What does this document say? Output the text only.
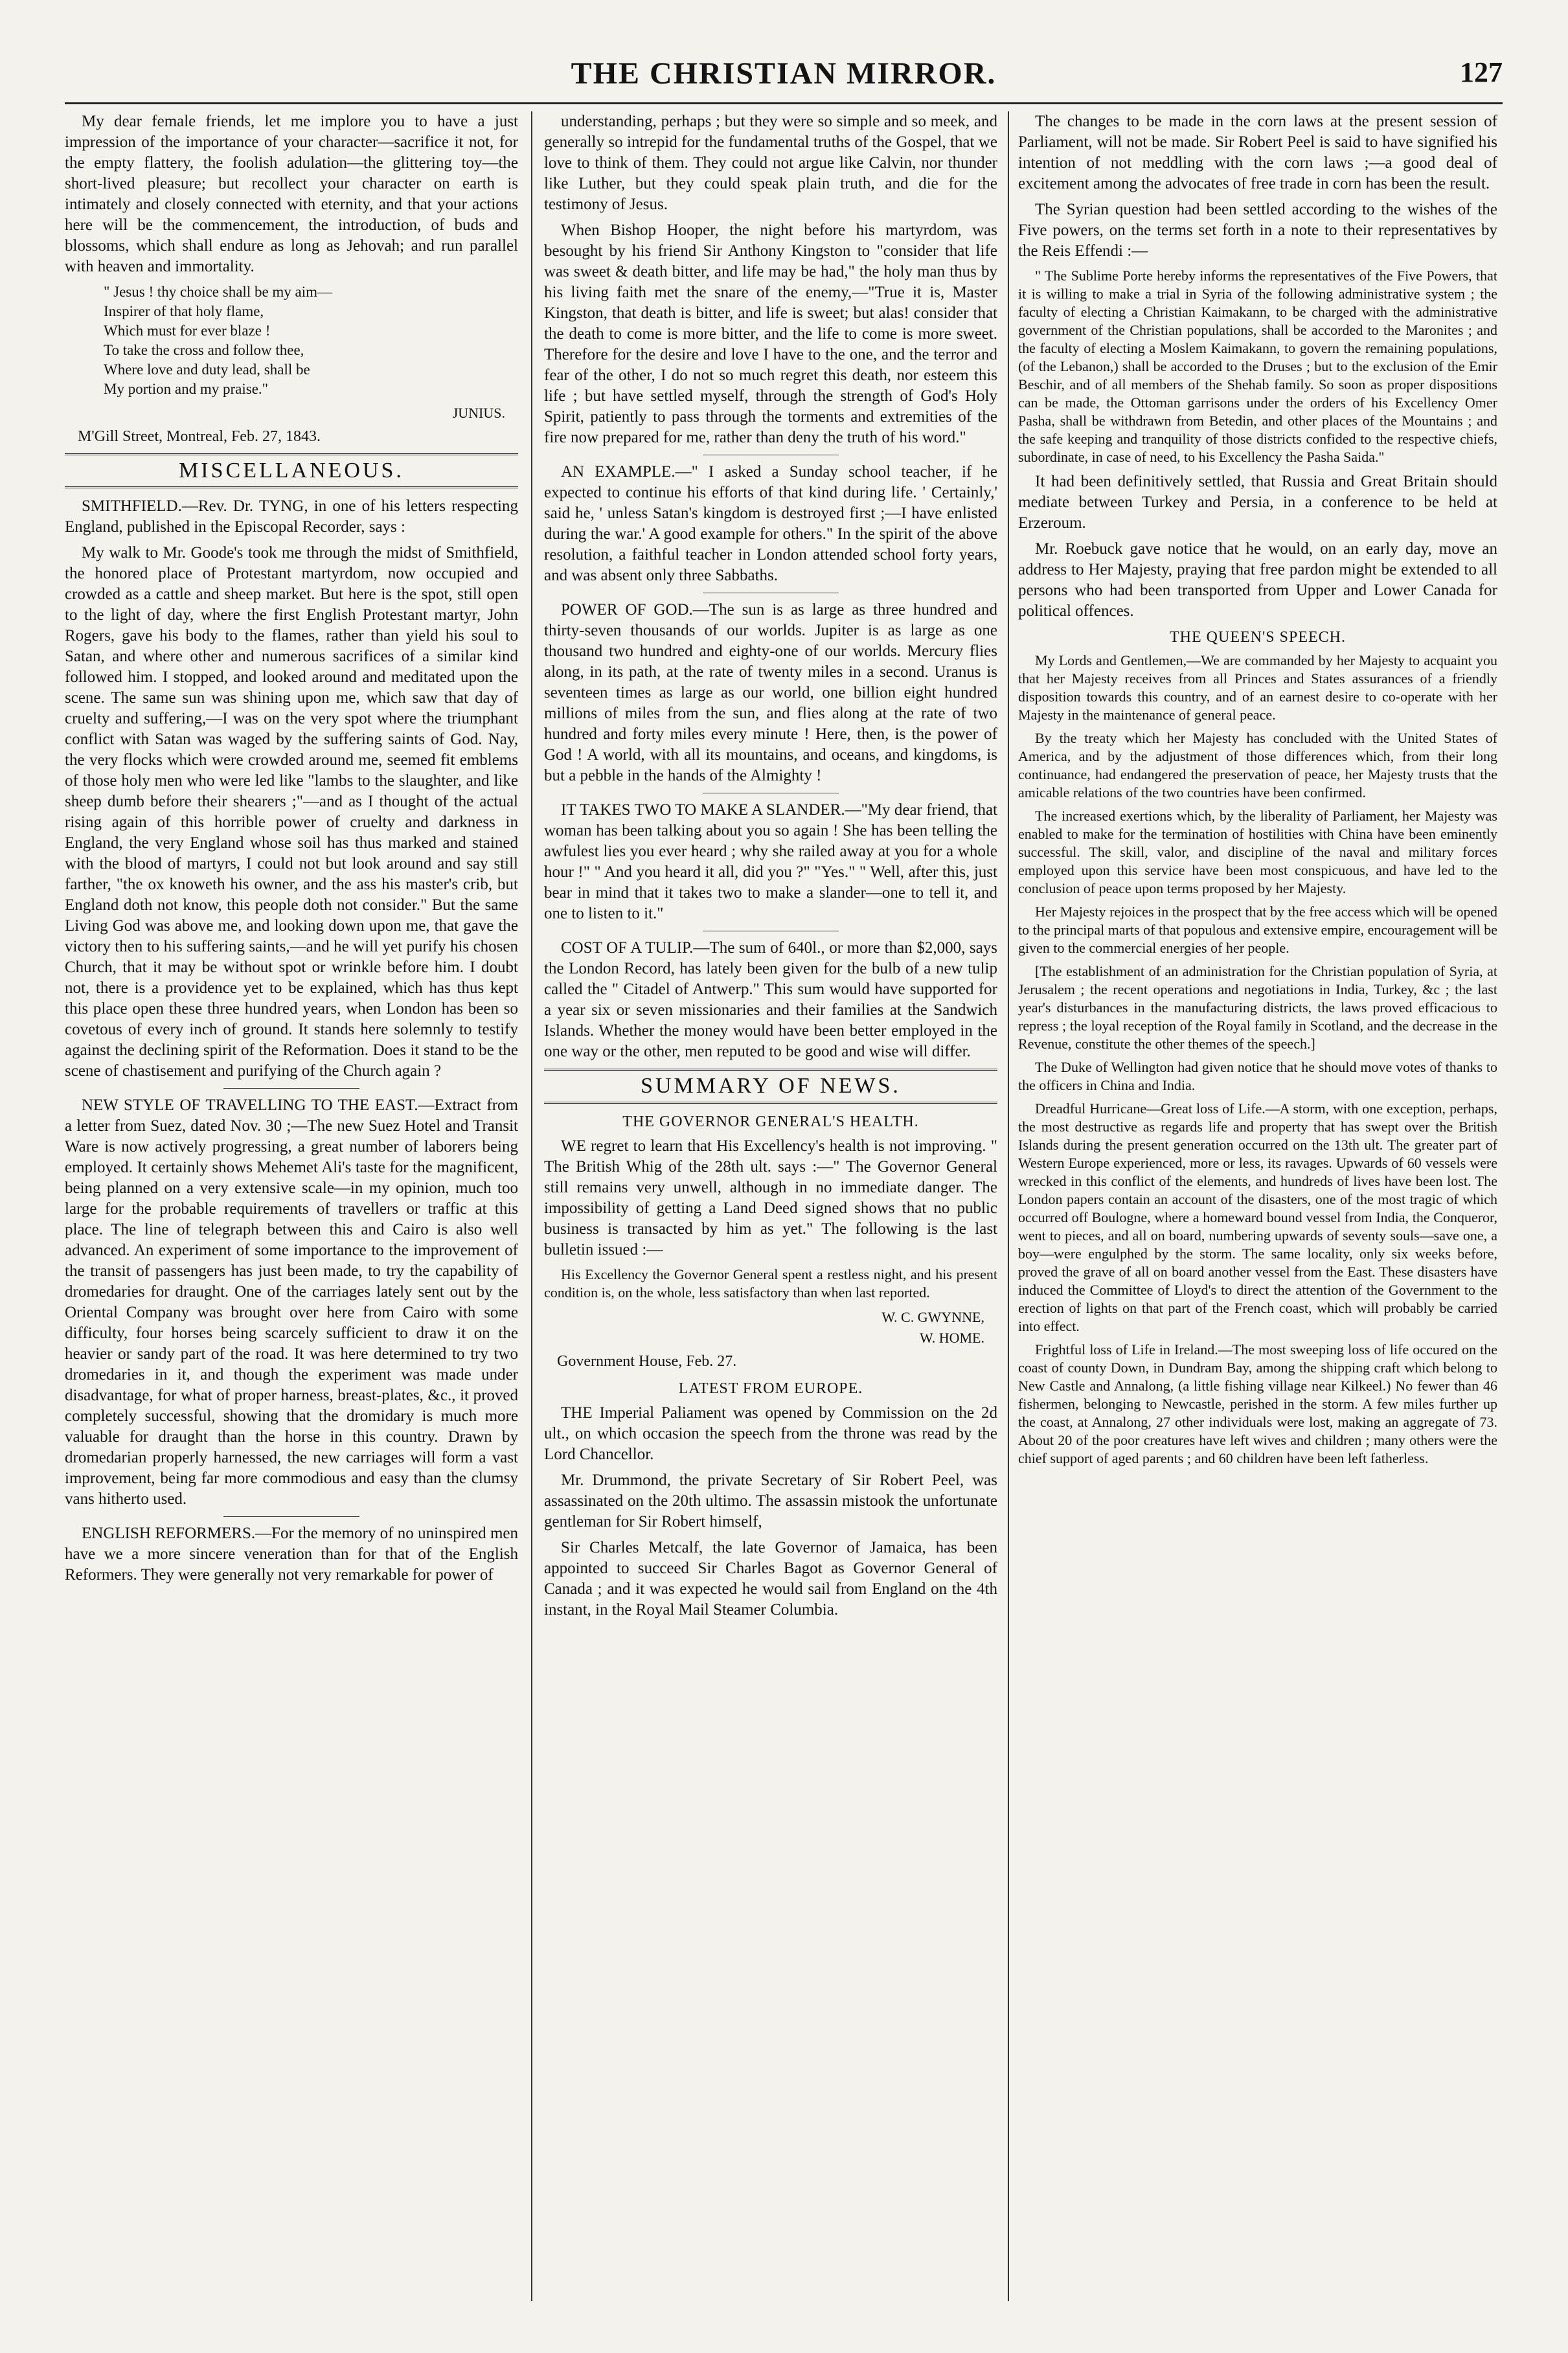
THE CHRISTIAN MIRROR.	127

My dear female friends, let me implore you to have a just impression of the importance of your character—sacrifice it not, for the empty flattery, the foolish adulation—the glittering toy—the short-lived pleasure; but recollect your character on earth is intimately and closely connected with eternity, and that your actions here will be the commencement, the introduction, of buds and blossoms, which shall endure as long as Jehovah; and run parallel with heaven and immortality.

" Jesus ! thy choice shall be my aim—
Inspirer of that holy flame,
Which must for ever blaze !
To take the cross and follow thee,
Where love and duty lead, shall be
My portion and my praise."
JUNIUS.
M'Gill Street, Montreal, Feb. 27, 1843.
MISCELLANEOUS.

SMITHFIELD.—Rev. Dr. TYNG, in one of his letters respecting England, published in the Episcopal Recorder, says :

My walk to Mr. Goode's took me through the midst of Smithfield, the honored place of Protestant martyrdom, now occupied and crowded as a cattle and sheep market. But here is the spot, still open to the light of day, where the first English Protestant martyr, John Rogers, gave his body to the flames, rather than yield his soul to Satan, and where other and numerous sacrifices of a similar kind followed him. I stopped, and looked around and meditated upon the scene. The same sun was shining upon me, which saw that day of cruelty and suffering,—I was on the very spot where the triumphant conflict with Satan was waged by the suffering saints of God. Nay, the very flocks which were crowded around me, seemed fit emblems of those holy men who were led like "lambs to the slaughter, and like sheep dumb before their shearers ;"—and as I thought of the actual rising again of this horrible power of cruelty and darkness in England, the very England whose soil has thus marked and stained with the blood of martyrs, I could not but look around and say still farther, "the ox knoweth his owner, and the ass his master's crib, but England doth not know, this people doth not consider." But the same Living God was above me, and looking down upon me, that gave the victory then to his suffering saints,—and he will yet purify his chosen Church, that it may be without spot or wrinkle before him. I doubt not, there is a providence yet to be explained, which has thus kept this place open these three hundred years, when London has been so covetous of every inch of ground. It stands here solemnly to testify against the declining spirit of the Reformation. Does it stand to be the scene of chastisement and purifying of the Church again ?

NEW STYLE OF TRAVELLING TO THE EAST.—Extract from a letter from Suez, dated Nov. 30 ;—The new Suez Hotel and Transit Ware is now actively progressing, a great number of laborers being employed. It certainly shows Mehemet Ali's taste for the magnificent, being planned on a very extensive scale—in my opinion, much too large for the probable requirements of travellers or traffic at this place. The line of telegraph between this and Cairo is also well advanced. An experiment of some importance to the improvement of the transit of passengers has just been made, to try the capability of dromedaries for draught. One of the carriages lately sent out by the Oriental Company was brought over here from Cairo with some difficulty, four horses being scarcely sufficient to draw it on the heavier or sandy part of the road. It was here determined to try two dromedaries in it, and though the experiment was made under disadvantage, for what of proper harness, breast-plates, &c., it proved completely successful, showing that the dromidary is much more valuable for draught than the horse in this country. Drawn by dromedarian properly harnessed, the new carriages will form a vast improvement, being far more commodious and easy than the clumsy vans hitherto used.

ENGLISH REFORMERS.—For the memory of no uninspired men have we a more sincere veneration than for that of the English Reformers. They were generally not very remarkable for power of

understanding, perhaps ; but they were so simple and so meek, and generally so intrepid for the fundamental truths of the Gospel, that we love to think of them. They could not argue like Calvin, nor thunder like Luther, but they could speak plain truth, and die for the testimony of Jesus.

When Bishop Hooper, the night before his martyrdom, was besought by his friend Sir Anthony Kingston to "consider that life was sweet & death bitter, and life may be had," the holy man thus by his living faith met the snare of the enemy,—"True it is, Master Kingston, that death is bitter, and life is sweet; but alas! consider that the death to come is more bitter, and the life to come is more sweet. Therefore for the desire and love I have to the one, and the terror and fear of the other, I do not so much regret this death, nor esteem this life ; but have settled myself, through the strength of God's Holy Spirit, patiently to pass through the torments and extremities of the fire now prepared for me, rather than deny the truth of his word."

AN EXAMPLE.—" I asked a Sunday school teacher, if he expected to continue his efforts of that kind during life. ' Certainly,' said he, ' unless Satan's kingdom is destroyed first ;—I have enlisted during the war.' A good example for others." In the spirit of the above resolution, a faithful teacher in London attended school forty years, and was absent only three Sabbaths.

POWER OF GOD.—The sun is as large as three hundred and thirty-seven thousands of our worlds. Jupiter is as large as one thousand two hundred and eighty-one of our worlds. Mercury flies along, in its path, at the rate of twenty miles in a second. Uranus is seventeen times as large as our world, one billion eight hundred millions of miles from the sun, and flies along at the rate of two hundred and forty miles every minute ! Here, then, is the power of God ! A world, with all its mountains, and oceans, and kingdoms, is but a pebble in the hands of the Almighty !

IT TAKES TWO TO MAKE A SLANDER.—"My dear friend, that woman has been talking about you so again ! She has been telling the awfulest lies you ever heard ; why she railed away at you for a whole hour !" " And you heard it all, did you ?" "Yes." " Well, after this, just bear in mind that it takes two to make a slander—one to tell it, and one to listen to it."

COST OF A TULIP.—The sum of 640l., or more than $2,000, says the London Record, has lately been given for the bulb of a new tulip called the " Citadel of Antwerp." This sum would have supported for a year six or seven missionaries and their families at the Sandwich Islands. Whether the money would have been better employed in the one way or the other, men reputed to be good and wise will differ.

SUMMARY OF NEWS.
THE GOVERNOR GENERAL'S HEALTH.

WE regret to learn that His Excellency's health is not improving. " The British Whig of the 28th ult. says :—" The Governor General still remains very unwell, although in no immediate danger. The impossibility of getting a Land Deed signed shows that no public business is transacted by him as yet." The following is the last bulletin issued :—

His Excellency the Governor General spent a restless night, and his present condition is, on the whole, less satisfactory than when last reported.

W. C. GWYNNE,
W. HOME.
Government House, Feb. 27.
LATEST FROM EUROPE.

THE Imperial Paliament was opened by Commission on the 2d ult., on which occasion the speech from the throne was read by the Lord Chancellor.

Mr. Drummond, the private Secretary of Sir Robert Peel, was assassinated on the 20th ultimo. The assassin mistook the unfortunate gentleman for Sir Robert himself,

Sir Charles Metcalf, the late Governor of Jamaica, has been appointed to succeed Sir Charles Bagot as Governor General of Canada ; and it was expected he would sail from England on the 4th instant, in the Royal Mail Steamer Columbia.

The changes to be made in the corn laws at the present session of Parliament, will not be made. Sir Robert Peel is said to have signified his intention of not meddling with the corn laws ;—a good deal of excitement among the advocates of free trade in corn has been the result.

The Syrian question had been settled according to the wishes of the Five powers, on the terms set forth in a note to their representatives by the Reis Effendi :—

" The Sublime Porte hereby informs the representatives of the Five Powers, that it is willing to make a trial in Syria of the following administrative system ; the faculty of electing a Christian Kaimakann, to be charged with the administrative government of the Christian populations, shall be accorded to the Maronites ; and the faculty of electing a Moslem Kaimakann, to govern the remaining populations, (of the Lebanon,) shall be accorded to the Druses ; but to the exclusion of the Emir Beschir, and of all members of the Shehab family. So soon as proper dispositions can be made, the Ottoman garrisons under the orders of his Excellency Omer Pasha, shall be withdrawn from Betedin, and other places of the Mountains ; and the safe keeping and tranquility of those districts confided to the respective chiefs, subordinate, in case of need, to his Excellency the Pasha Saida."

It had been definitively settled, that Russia and Great Britain should mediate between Turkey and Persia, in a conference to be held at Erzeroum.

Mr. Roebuck gave notice that he would, on an early day, move an address to Her Majesty, praying that free pardon might be extended to all persons who had been transported from Upper and Lower Canada for political offences.

THE QUEEN'S SPEECH.

My Lords and Gentlemen,—We are commanded by her Majesty to acquaint you that her Majesty receives from all Princes and States assurances of a friendly disposition towards this country, and of an earnest desire to co-operate with her Majesty in the maintenance of general peace.

By the treaty which her Majesty has concluded with the United States of America, and by the adjustment of those differences which, from their long continuance, had endangered the preservation of peace, her Majesty trusts that the amicable relations of the two countries have been confirmed.

The increased exertions which, by the liberality of Parliament, her Majesty was enabled to make for the termination of hostilities with China have been eminently successful. The skill, valor, and discipline of the naval and military forces employed upon this service have been most conspicuous, and have led to the conclusion of peace upon terms proposed by her Majesty.

Her Majesty rejoices in the prospect that by the free access which will be opened to the principal marts of that populous and extensive empire, encouragement will be given to the commercial energies of her people.

[The establishment of an administration for the Christian population of Syria, at Jerusalem ; the recent operations and negotiations in India, Turkey, &c ; the last year's disturbances in the manufacturing districts, the laws proved efficacious to repress ; the loyal reception of the Royal family in Scotland, and the decrease in the Revenue, constitute the other themes of the speech.]

The Duke of Wellington had given notice that he should move votes of thanks to the officers in China and India.

Dreadful Hurricane—Great loss of Life.—A storm, with one exception, perhaps, the most destructive as regards life and property that has swept over the British Islands during the present generation occurred on the 13th ult. The greater part of Western Europe experienced, more or less, its ravages. Upwards of 60 vessels were wrecked in this conflict of the elements, and hundreds of lives have been lost. The London papers contain an account of the disasters, one of the most tragic of which occurred off Boulogne, where a homeward bound vessel from India, the Conqueror, went to pieces, and all on board, numbering upwards of seventy souls—save one, a boy—were engulphed by the storm. The same locality, only six weeks before, proved the grave of all on board another vessel from the East. These disasters have induced the Committee of Lloyd's to direct the attention of the Government to the erection of lights on that part of the French coast, which will probably be carried into effect.

Frightful loss of Life in Ireland.—The most sweeping loss of life occured on the coast of county Down, in Dundram Bay, among the shipping craft which belong to New Castle and Annalong, (a little fishing village near Kilkeel.) No fewer than 46 fishermen, belonging to Newcastle, perished in the storm. A few miles further up the coast, at Annalong, 27 other individuals were lost, making an aggregate of 73. About 20 of the poor creatures have left wives and children ; many others were the chief support of aged parents ; and 60 children have been left fatherless.
